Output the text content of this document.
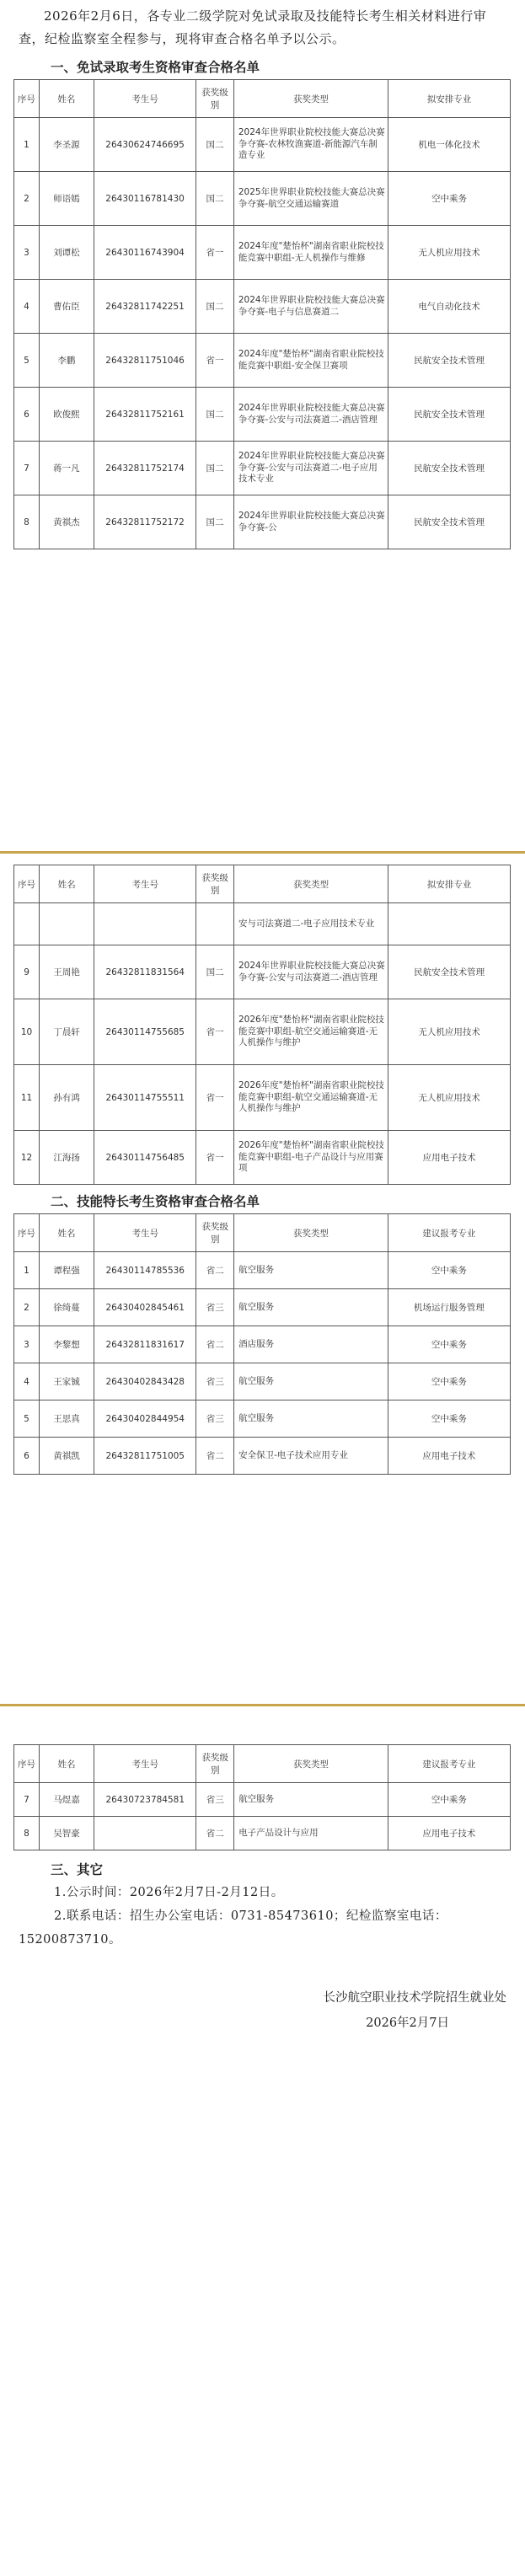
2026年2月6日，各专业二级学院对免试录取及技能特长考生相关材料进行审查，纪检监察室全程参与，现将审查合格名单予以公示。

一、免试录取考生资格审查合格名单
序号	姓名	考生号	获奖级别	获奖类型	拟安排专业
1	李圣源	26430624746695	国二	2024年世界职业院校技能大赛总决赛争夺赛-农林牧渔赛道-新能源汽车制造专业	机电一体化技术
2	师语嫣	26430116781430	国二	2025年世界职业院校技能大赛总决赛争夺赛-航空交通运输赛道	空中乘务
3	刘谭松	26430116743904	省一	2024年度"楚怡杯"湖南省职业院校技能竞赛中职组-无人机操作与维修	无人机应用技术
4	曹佑臣	26432811742251	国二	2024年世界职业院校技能大赛总决赛争夺赛-电子与信息赛道二	电气自动化技术
5	李鹏	26432811751046	省一	2024年度"楚怡杯"湖南省职业院校技能竞赛中职组-安全保卫赛项	民航安全技术管理
6	欧俊熙	26432811752161	国二	2024年世界职业院校技能大赛总决赛争夺赛-公安与司法赛道二-酒店管理	民航安全技术管理
7	蒋一凡	26432811752174	国二	2024年世界职业院校技能大赛总决赛争夺赛-公安与司法赛道二-电子应用技术专业	民航安全技术管理
8	黄祺杰	26432811752172	国二	2024年世界职业院校技能大赛总决赛争夺赛-公	民航安全技术管理
序号	姓名	考生号	获奖级别	获奖类型	拟安排专业
				安与司法赛道二-电子应用技术专业	
9	王周艳	26432811831564	国二	2024年世界职业院校技能大赛总决赛争夺赛-公安与司法赛道二-酒店管理	民航安全技术管理
10	丁晨轩	26430114755685	省一	2026年度"楚怡杯"湖南省职业院校技能竞赛中职组-航空交通运输赛道-无人机操作与维护	无人机应用技术
11	孙有鸿	26430114755511	省一	2026年度"楚怡杯"湖南省职业院校技能竞赛中职组-航空交通运输赛道-无人机操作与维护	无人机应用技术
12	江海扬	26430114756485	省一	2026年度"楚怡杯"湖南省职业院校技能竞赛中职组-电子产品设计与应用赛项	应用电子技术
二、技能特长考生资格审查合格名单
序号	姓名	考生号	获奖级别	获奖类型	建议报考专业
1	谭程强	26430114785536	省二	航空服务	空中乘务
2	徐绮蔓	26430402845461	省三	航空服务	机场运行服务管理
3	李黎想	26432811831617	省二	酒店服务	空中乘务
4	王家铖	26430402843428	省三	航空服务	空中乘务
5	王思真	26430402844954	省三	航空服务	空中乘务
6	黄祺凯	26432811751005	省二	安全保卫-电子技术应用专业	应用电子技术
序号	姓名	考生号	获奖级别	获奖类型	建议报考专业
7	马煜嘉	26430723784581	省三	航空服务	空中乘务
8	吴智豪		省二	电子产品设计与应用	应用电子技术
三、其它
1.公示时间：2026年2月7日-2月12日。
2.联系电话：招生办公室电话：0731-85473610；纪检监察室电话：15200873710。
长沙航空职业技术学院招生就业处
2026年2月7日
